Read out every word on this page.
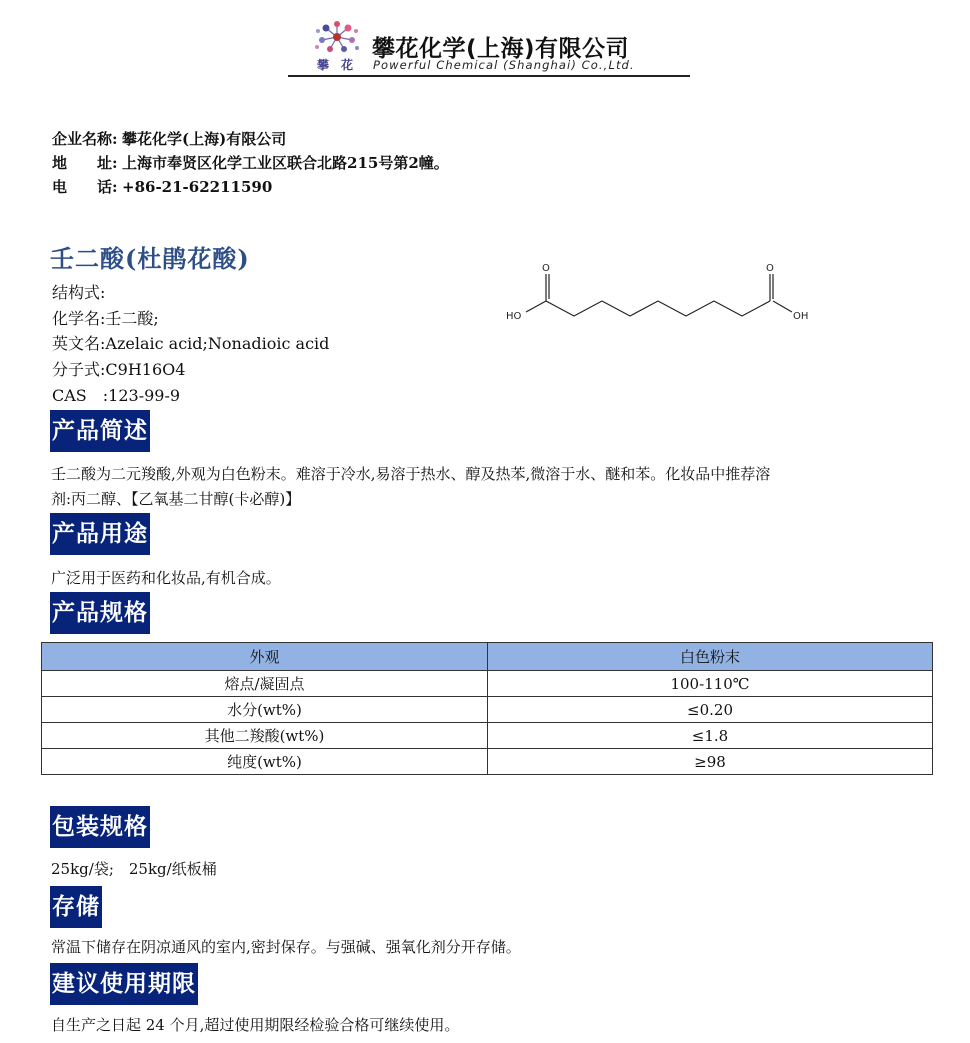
攀 花
攀花化学(上海)有限公司
Powerful Chemical (Shanghai) Co.,Ltd.
企业名称: 攀花化学(上海)有限公司
地　　址: 上海市奉贤区化学工业区联合北路215号第2幢。
电　　话: +86-21-62211590
壬二酸(杜鹃花酸)
结构式:
化学名:壬二酸;
英文名:Azelaic acid;Nonadioic acid
分子式:C9H16O4
CAS　:123-99-9
O	O
HO	OH
产品简述
壬二酸为二元羧酸,外观为白色粉末。难溶于冷水,易溶于热水、醇及热苯,微溶于水、醚和苯。化妆品中推荐溶
剂:丙二醇、【乙氧基二甘醇(卡必醇)】
产品用途
广泛用于医药和化妆品,有机合成。
产品规格
外观	白色粉末
熔点/凝固点	100-110℃
水分(wt%)	≤0.20
其他二羧酸(wt%)	≤1.8
纯度(wt%)	≥98
包装规格
25kg/袋;　25kg/纸板桶
存储
常温下储存在阴凉通风的室内,密封保存。与强碱、强氧化剂分开存储。
建议使用期限
自生产之日起 24 个月,超过使用期限经检验合格可继续使用。
